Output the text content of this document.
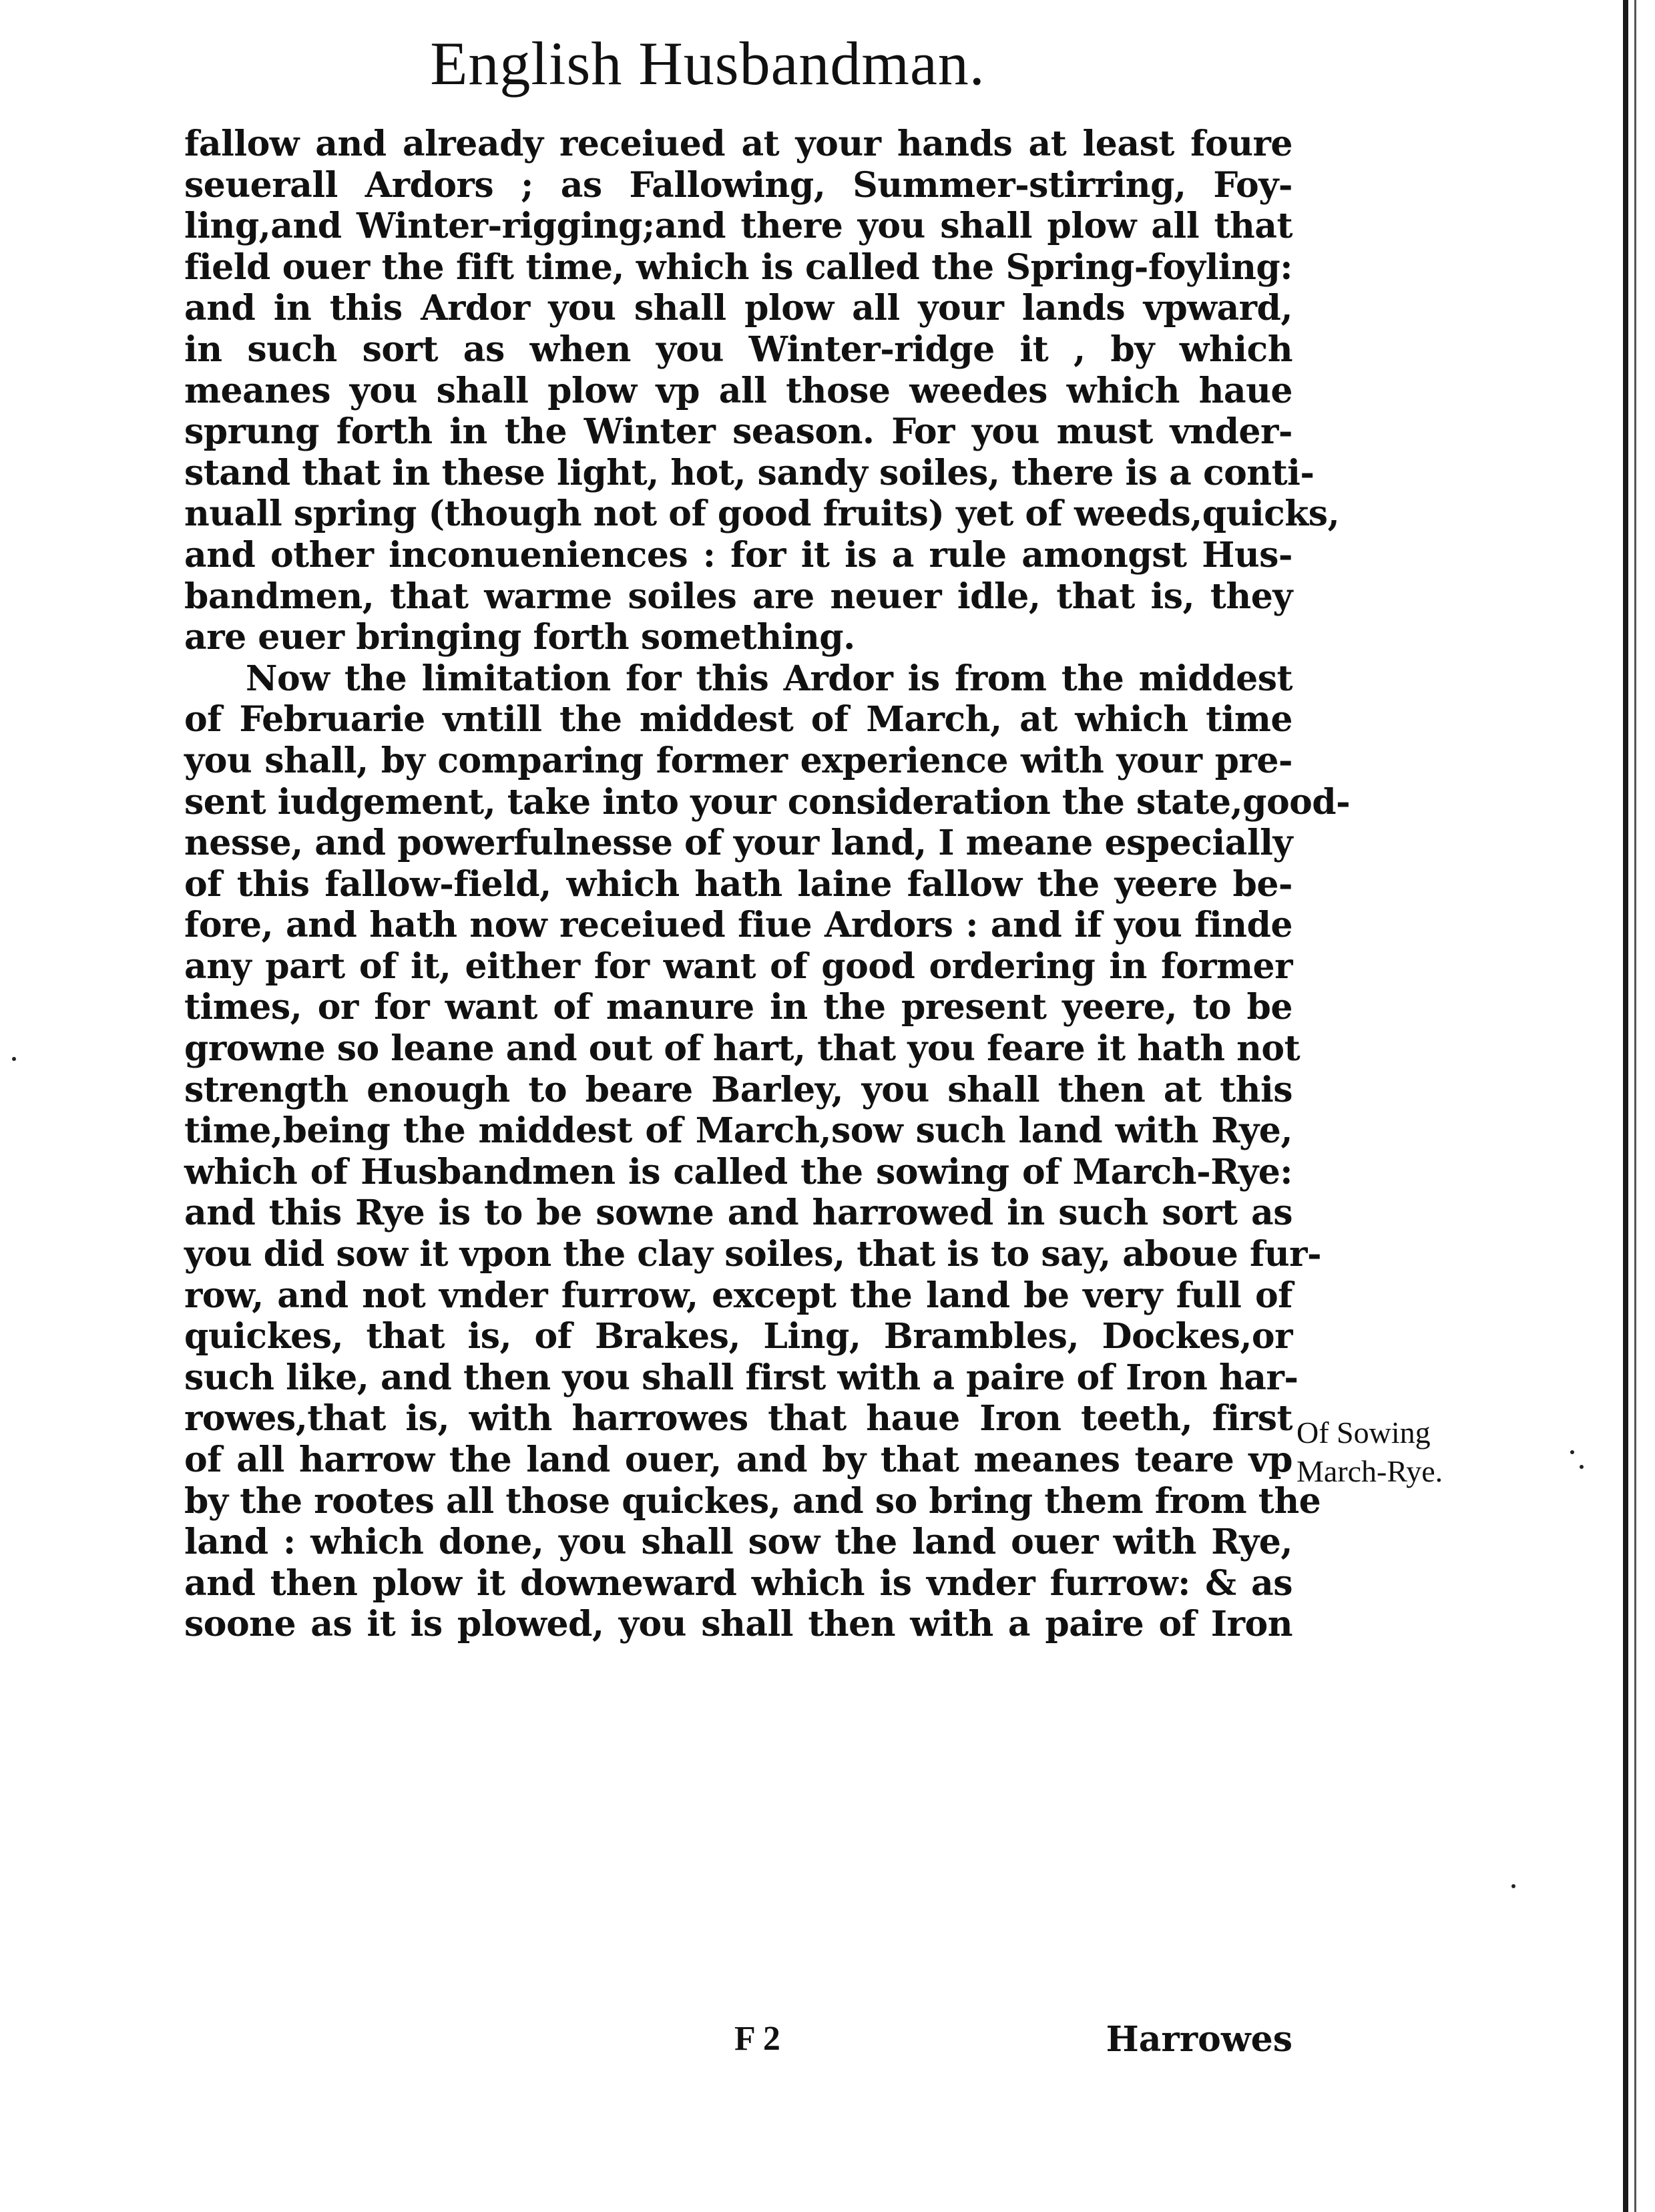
English Husbandman.
fallow and already receiued at your hands at least foure
seuerall Ardors ; as Fallowing, Summer-stirring, Foy-
ling,and Winter-rigging;and there you shall plow all that
field ouer the fift time, which is called the Spring-foyling:
and in this Ardor you shall plow all your lands vpward,
in such sort as when you Winter-ridge it , by which
meanes you shall plow vp all those weedes which haue
sprung forth in the Winter season. For you must vnder-
stand that in these light, hot, sandy soiles, there is a conti-
nuall spring (though not of good fruits) yet of weeds,quicks,
and other inconueniences : for it is a rule amongst Hus-
bandmen, that warme soiles are neuer idle, that is, they
are euer bringing forth something.
Now the limitation for this Ardor is from the middest
of Februarie vntill the middest of March, at which time
you shall, by comparing former experience with your pre-
sent iudgement, take into your consideration the state,good-
nesse, and powerfulnesse of your land, I meane especially
of this fallow-field, which hath laine fallow the yeere be-
fore, and hath now receiued fiue Ardors : and if you finde
any part of it, either for want of good ordering in former
times, or for want of manure in the present yeere, to be
growne so leane and out of hart, that you feare it hath not
strength enough to beare Barley, you shall then at this
time,being the middest of March,sow such land with Rye,
which of Husbandmen is called the sowing of March-Rye:
and this Rye is to be sowne and harrowed in such sort as
you did sow it vpon the clay soiles, that is to say, aboue fur-
row, and not vnder furrow, except the land be very full of
quickes, that is, of Brakes, Ling, Brambles, Dockes,or
such like, and then you shall first with a paire of Iron har-
rowes,that is, with harrowes that haue Iron teeth, first
of all harrow the land ouer, and by that meanes teare vp
by the rootes all those quickes, and so bring them from the
land : which done, you shall sow the land ouer with Rye,
and then plow it downeward which is vnder furrow: & as
soone as it is plowed, you shall then with a paire of Iron
Of Sowing
March-Rye.
F 2	Harrowes
